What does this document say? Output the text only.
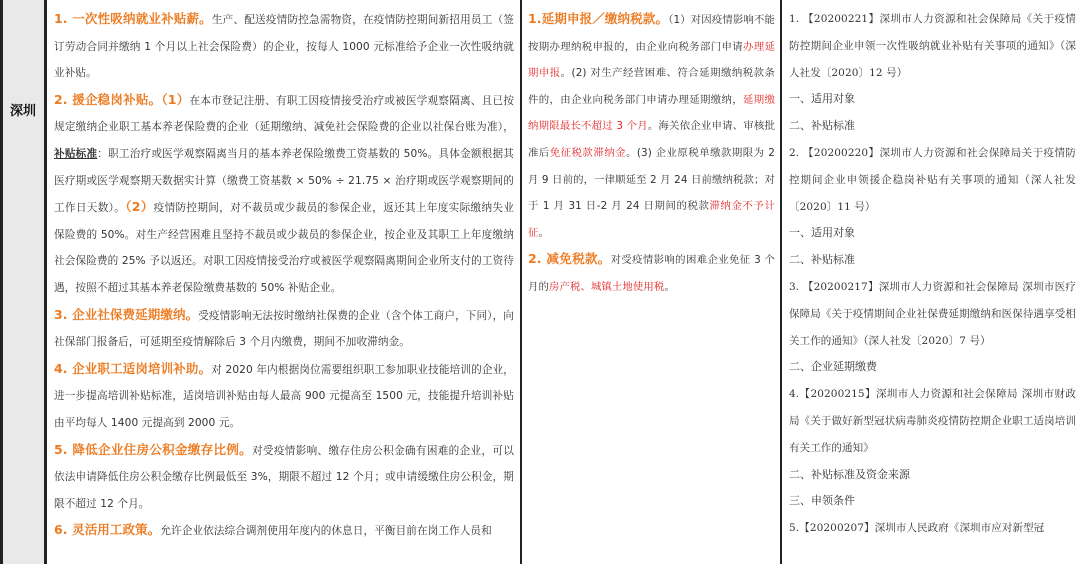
深圳
1. 一次性吸纳就业补贴薪。生产、配送疫情防控急需物资，在疫情防控期间新招用员工（签订劳动合同并缴纳 1 个月以上社会保险费）的企业，按每人 1000 元标准给予企业一次性吸纳就业补贴。
2. 援企稳岗补贴。（1）在本市登记注册、有职工因疫情接受治疗或被医学观察隔离、且已按规定缴纳企业职工基本养老保险费的企业（延期缴纳、减免社会保险费的企业以社保台账为准），补贴标准：职工治疗或医学观察隔离当月的基本养老保险缴费工资基数的 50%。具体金额根据其医疗期或医学观察期天数据实计算（缴费工资基数 × 50% ÷ 21.75 × 治疗期或医学观察期间的工作日天数）。（2）疫情防控期间，对不裁员或少裁员的参保企业，返还其上年度实际缴纳失业保险费的 50%。对生产经营困难且坚持不裁员或少裁员的参保企业，按企业及其职工上年度缴纳社会保险费的 25% 予以返还。对职工因疫情接受治疗或被医学观察隔离期间企业所支付的工资待遇，按照不超过其基本养老保险缴费基数的 50% 补贴企业。
3. 企业社保费延期缴纳。受疫情影响无法按时缴纳社保费的企业（含个体工商户，下同），向社保部门报备后，可延期至疫情解除后 3 个月内缴费，期间不加收滞纳金。
4. 企业职工适岗培训补助。对 2020 年内根据岗位需要组织职工参加职业技能培训的企业，进一步提高培训补贴标准，适岗培训补贴由每人最高 900 元提高至 1500 元，技能提升培训补贴由平均每人 1400 元提高到 2000 元。
5. 降低企业住房公积金缴存比例。对受疫情影响、缴存住房公积金确有困难的企业，可以依法申请降低住房公积金缴存比例最低至 3%，期限不超过 12 个月；或申请缓缴住房公积金，期限不超过 12 个月。
6. 灵活用工政策。允许企业依法综合调剂使用年度内的休息日，平衡目前在岗工作人员和
1.延期申报／缴纳税款。（1）对因疫情影响不能按期办理纳税申报的，由企业向税务部门申请办理延期申报。(2) 对生产经营困难、符合延期缴纳税款条件的，由企业向税务部门申请办理延期缴纳，延期缴纳期限最长不超过 3 个月。海关依企业申请、审核批准后免征税款滞纳金。(3) 企业原税单缴款期限为 2 月 9 日前的，一律顺延至 2 月 24 日前缴纳税款；对于 1 月 31 日-2 月 24 日期间的税款滞纳金不予计征。
2. 减免税款。对受疫情影响的困难企业免征 3 个月的房产税、城镇土地使用税。
1. 【20200221】深圳市人力资源和社会保障局《关于疫情防控期间企业申领一次性吸纳就业补贴有关事项的通知》（深人社发〔2020〕12 号）
一、适用对象
二、补贴标准
2. 【20200220】深圳市人力资源和社会保障局关于疫情防控期间企业申领援企稳岗补贴有关事项的通知（深人社发〔2020〕11 号）
一、适用对象
二、补贴标准
3. 【20200217】深圳市人力资源和社会保障局 深圳市医疗保障局《关于疫情期间企业社保费延期缴纳和医保待遇享受相关工作的通知》（深人社发〔2020〕7 号）
二、企业延期缴费
4.【20200215】深圳市人力资源和社会保障局 深圳市财政局《关于做好新型冠状病毒肺炎疫情防控期企业职工适岗培训有关工作的通知》
二、补贴标准及资金来源
三、申领条件
5.【20200207】深圳市人民政府《深圳市应对新型冠
